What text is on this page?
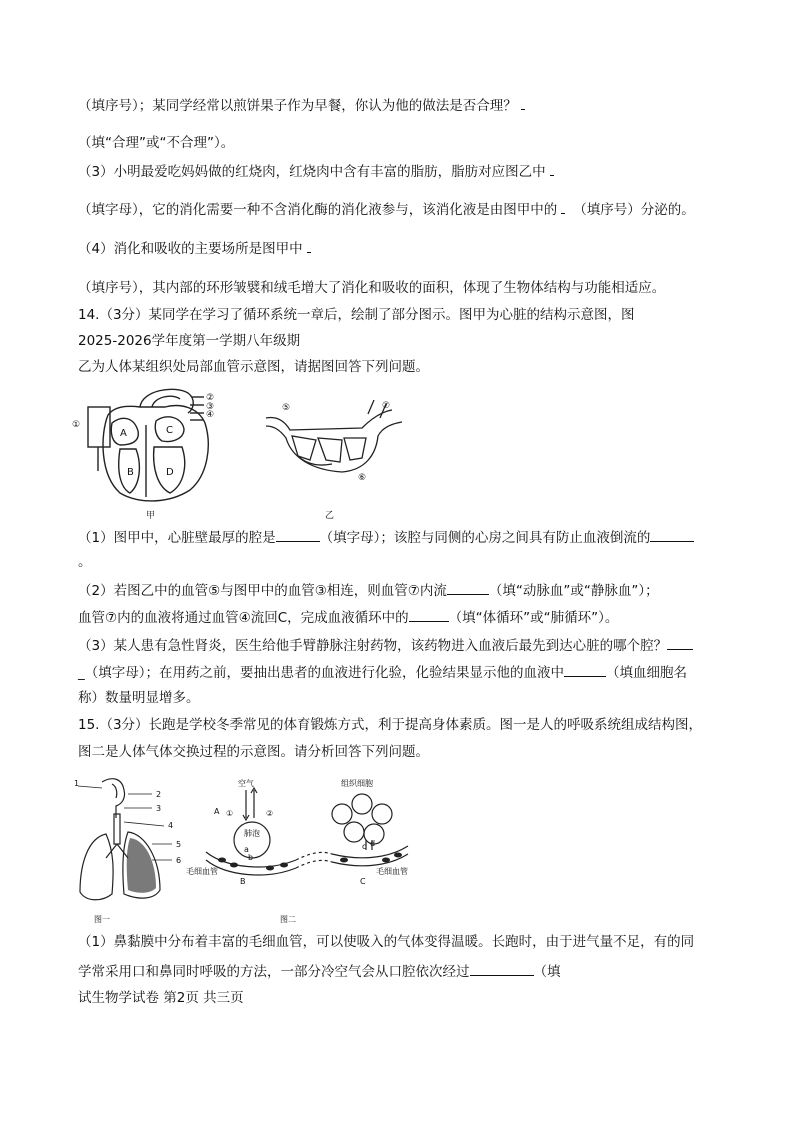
（填序号）；某同学经常以煎饼果子作为早餐，你认为他的做法是否合理？
（填“合理”或“不合理”）。
（3）小明最爱吃妈妈做的红烧肉，红烧肉中含有丰富的脂肪，脂肪对应图乙中
（填字母），它的消化需要一种不含消化酶的消化液参与，该消化液是由图甲中的 （填序号）分泌的。
（4）消化和吸收的主要场所是图甲中
（填序号），其内部的环形皱襞和绒毛增大了消化和吸收的面积，体现了生物体结构与功能相适应。
14.（3分）某同学在学习了循环系统一章后，绘制了部分图示。图甲为心脏的结构示意图，图
2025-2026学年度第一学期八年级期
乙为人体某组织处局部血管示意图，请据图回答下列问题。
①
②
③
④
A	C
B	D
甲
⑤	⑦
⑥
乙
（1）图甲中，心脏壁最厚的腔是	（填字母）；该腔与同侧的心房之间具有防止血液倒流的
。
（2）若图乙中的血管⑤与图甲中的血管③相连，则血管⑦内流	（填“动脉血”或“静脉血”）；
血管⑦内的血液将通过血管④流回C，完成血液循环中的	（填“体循环”或“肺循环”）。
（3）某人患有急性肾炎，医生给他手臂静脉注射药物，该药物进入血液后最先到达心脏的哪个腔？
_（填字母）；在用药之前，要抽出患者的血液进行化验，化验结果显示他的血液中	（填血细胞名
称）数量明显增多。
15.（3分）长跑是学校冬季常见的体育锻炼方式，利于提高身体素质。图一是人的呼吸系统组成结构图，
图二是人体气体交换过程的示意图。请分析回答下列问题。
1
2
3
4
5
6
图一
空气	组织细胞
A ①	②
肺泡
毛细血管
B	C
毛细血管
a
b
c d
图二
（1）鼻黏膜中分布着丰富的毛细血管，可以使吸入的气体变得温暖。长跑时，由于进气量不足，有的同
学常采用口和鼻同时呼吸的方法，一部分冷空气会从口腔依次经过	（填
试生物学试卷 第2页 共三页
